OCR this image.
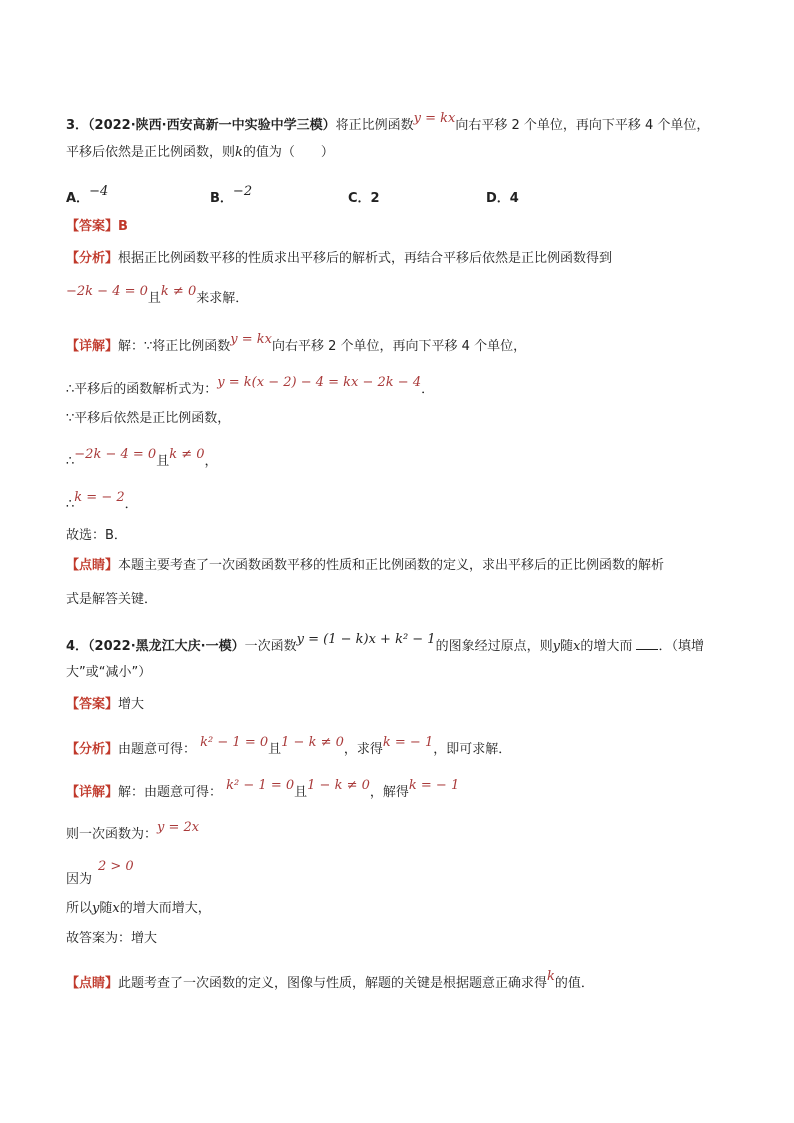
3．（2022·陕西·西安高新一中实验中学三模）将正比例函数y = kx向右平移 2 个单位，再向下平移 4 个单位，
平移后依然是正比例函数，则k的值为（　　）
A．−4	B．−2	C．2	D．4
【答案】B
【分析】根据正比例函数平移的性质求出平移后的解析式，再结合平移后依然是正比例函数得到
−2k − 4 = 0且k ≠ 0来求解．
【详解】解：∵将正比例函数y = kx向右平移 2 个单位，再向下平移 4 个单位，
∴平移后的函数解析式为：y = k(x − 2) − 4 = kx − 2k − 4．
∵平移后依然是正比例函数，
∴−2k − 4 = 0且k ≠ 0，
∴k = − 2．
故选：B．
【点睛】本题主要考查了一次函数函数平移的性质和正比例函数的定义，求出平移后的正比例函数的解析
式是解答关键．
4．（2022·黑龙江大庆·一模）一次函数y = (1 − k)x + k² − 1的图象经过原点，则y随x的增大而 ．（填增
大”或“减小”）
【答案】增大
【分析】由题意可得： k² − 1 = 0且1 − k ≠ 0，求得k = − 1，即可求解．
【详解】解：由题意可得： k² − 1 = 0且1 − k ≠ 0，解得k = − 1
则一次函数为：y = 2x
2 > 0
因为
所以y随x的增大而增大，
故答案为：增大
【点睛】此题考查了一次函数的定义，图像与性质，解题的关键是根据题意正确求得k的值．
